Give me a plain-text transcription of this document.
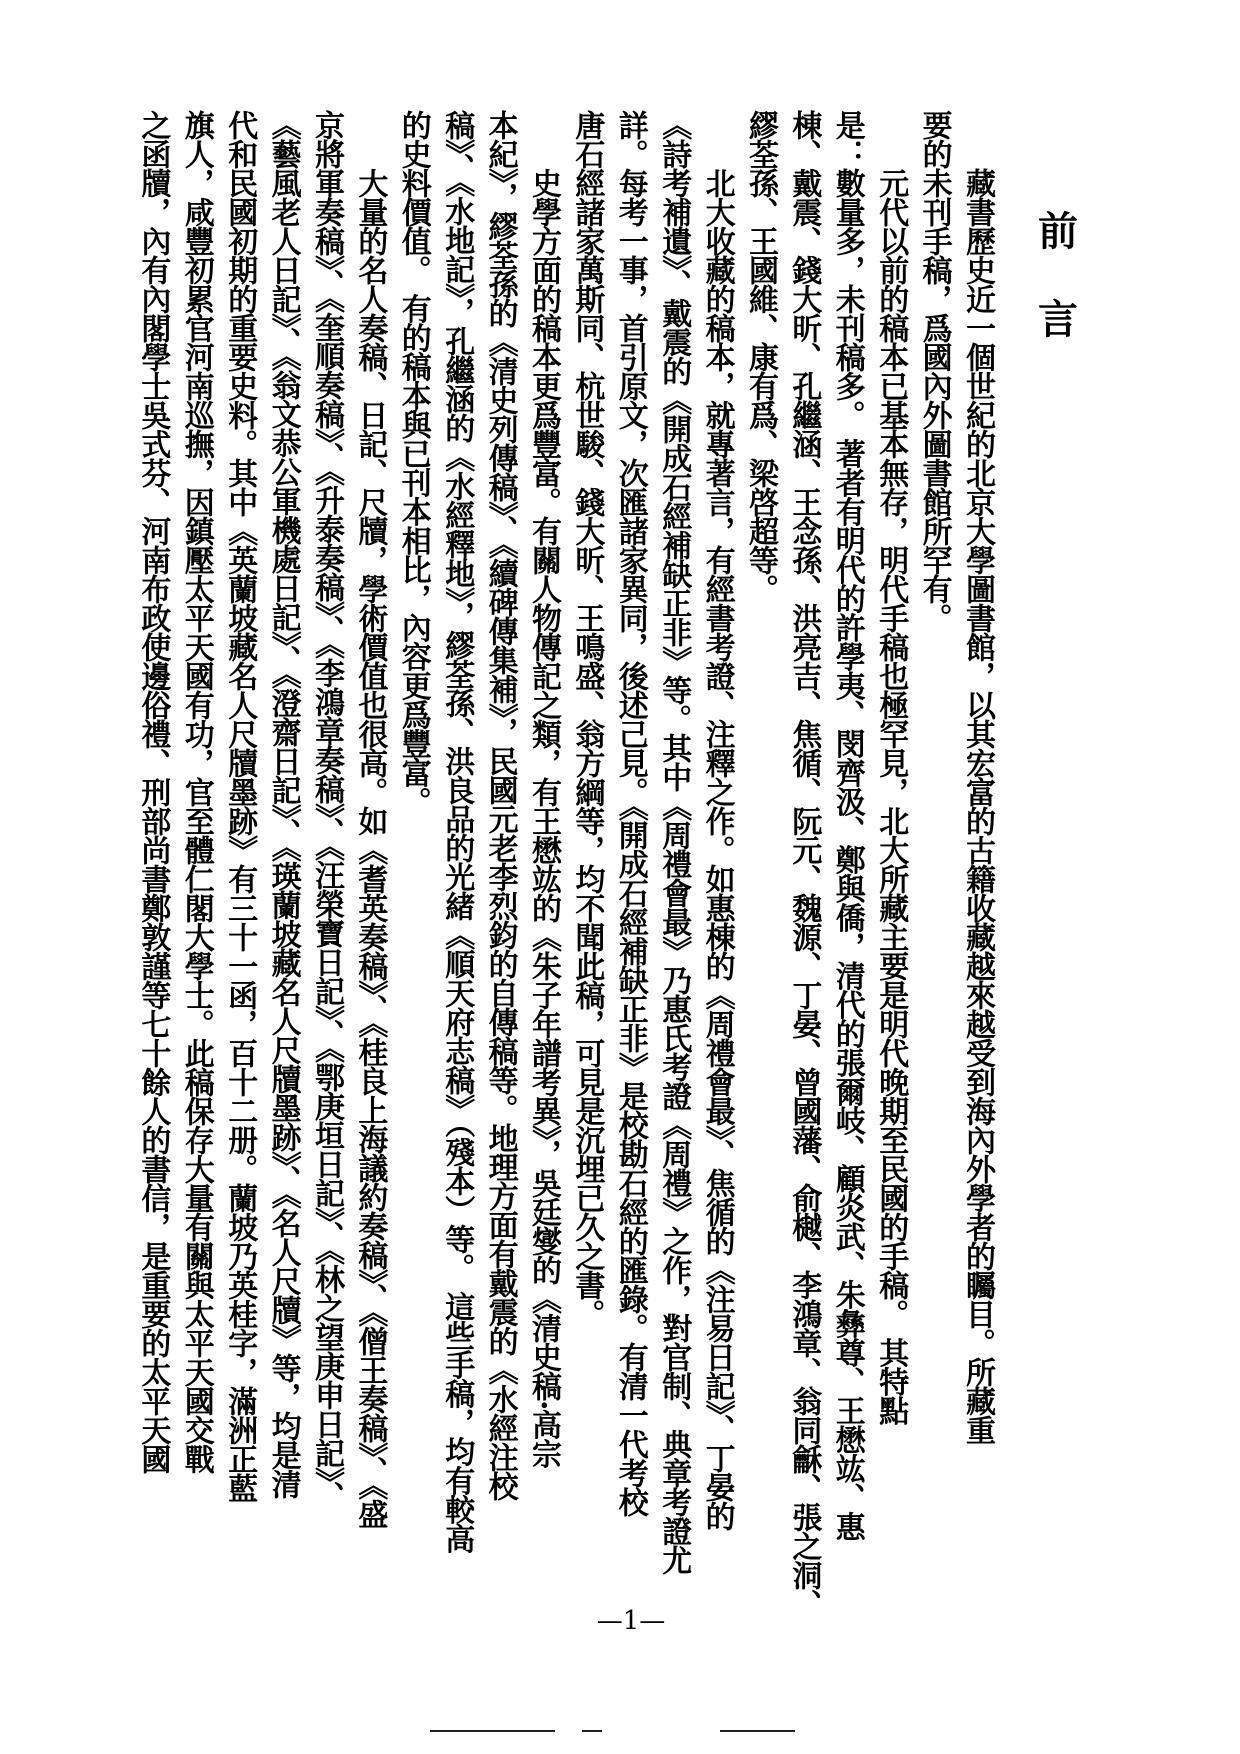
前
言
　　藏書歷史近一個世紀的北京大學圖書館，以其宏富的古籍收藏越來越受到海內外學者的矚目。所藏重
要的未刊手稿，爲國內外圖書館所罕有。
　　元代以前的稿本已基本無存，明代手稿也極罕見，北大所藏主要是明代晚期至民國的手稿。 其特點
是：數量多，未刊稿多。 著者有明代的許學夷、閔齊汲、鄭與僑，清代的張爾岐、顧炎武、朱彝尊、王懋竑、惠
棟、戴震、錢大昕、孔繼涵、王念孫、洪亮吉、焦循、阮元、魏源、丁晏、曾國藩、俞樾、李鴻章、翁同龢、張之洞、
繆荃孫、王國維、康有爲、梁啓超等。
　　北大收藏的稿本，就專著言，有經書考證、注釋之作。如惠棟的《周禮會最》、焦循的《注易日記》、丁晏的
《詩考補遺》、戴震的《開成石經補缺正非》等。其中《周禮會最》乃惠氏考證《周禮》之作，對官制、典章考證尤
詳。每考一事，首引原文，次匯諸家異同，後述己見。《開成石經補缺正非》是校勘石經的匯錄。有清一代考校
唐石經諸家萬斯同、杭世駿、錢大昕、王鳴盛、翁方綱等，均不聞此稿，可見是沉埋已久之書。
　　史學方面的稿本更爲豐富。有關人物傳記之類，有王懋竑的《朱子年譜考異》，吳廷燮的《清史稿·高宗
本紀》，繆荃孫的《清史列傳稿》、《續碑傳集補》，民國元老李烈鈞的自傳稿等。地理方面有戴震的《水經注校
稿》、《水地記》，孔繼涵的《水經釋地》，繆荃孫、洪良品的光緒《順天府志稿》（殘本）等。 這些手稿，均有較高
的史料價值。 有的稿本與已刊本相比，內容更爲豐富。
　　大量的名人奏稿、日記、尺牘，學術價值也很高。如《耆英奏稿》、《桂良上海議約奏稿》、《僧王奏稿》、《盛
京將軍奏稿》、《奎順奏稿》、《升泰奏稿》、《李鴻章奏稿》、《汪榮寶日記》、《鄂庚垣日記》、《林之望庚申日記》、
《藝風老人日記》、《翁文恭公軍機處日記》、《澄齋日記》、《瑛蘭坡藏名人尺牘墨跡》、《名人尺牘》等，均是清
代和民國初期的重要史料。其中《英蘭坡藏名人尺牘墨跡》有三十一函，百十二册。蘭坡乃英桂字，滿洲正藍
旗人，咸豐初累官河南巡撫，因鎮壓太平天國有功，官至體仁閣大學士。此稿保存大量有關與太平天國交戰
之函牘，內有內閣學士吳式芬、河南布政使邊俗禮、刑部尚書鄭敦謹等七十餘人的書信，是重要的太平天國
—1—
